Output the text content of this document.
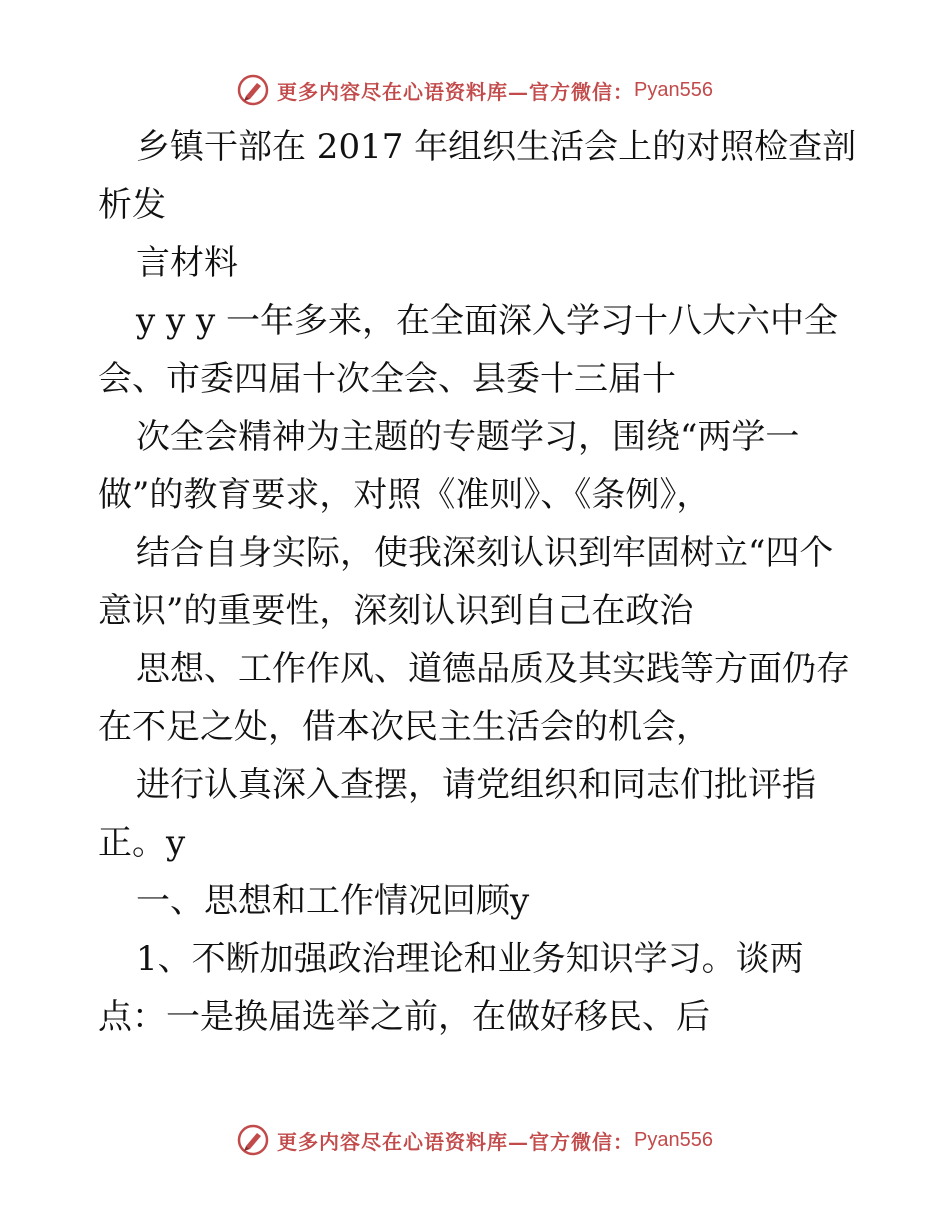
更多内容尽在心语资料库—官方微信： Pyan556
乡镇干部在 2017 年组织生活会上的对照检查剖
析发
言材料
y y y 一年多来，在全面深入学习十八大六中全
会、市委四届十次全会、县委十三届十
次全会精神为主题的专题学习，围绕“两学一
做”的教育要求，对照《准则》、《条例》，
结合自身实际，使我深刻认识到牢固树立“四个
意识”的重要性，深刻认识到自己在政治
思想、工作作风、道德品质及其实践等方面仍存
在不足之处，借本次民主生活会的机会，
进行认真深入查摆，请党组织和同志们批评指
正。y
一、思想和工作情况回顾y
1、不断加强政治理论和业务知识学习。谈两
点：一是换届选举之前，在做好移民、后
更多内容尽在心语资料库—官方微信： Pyan556
